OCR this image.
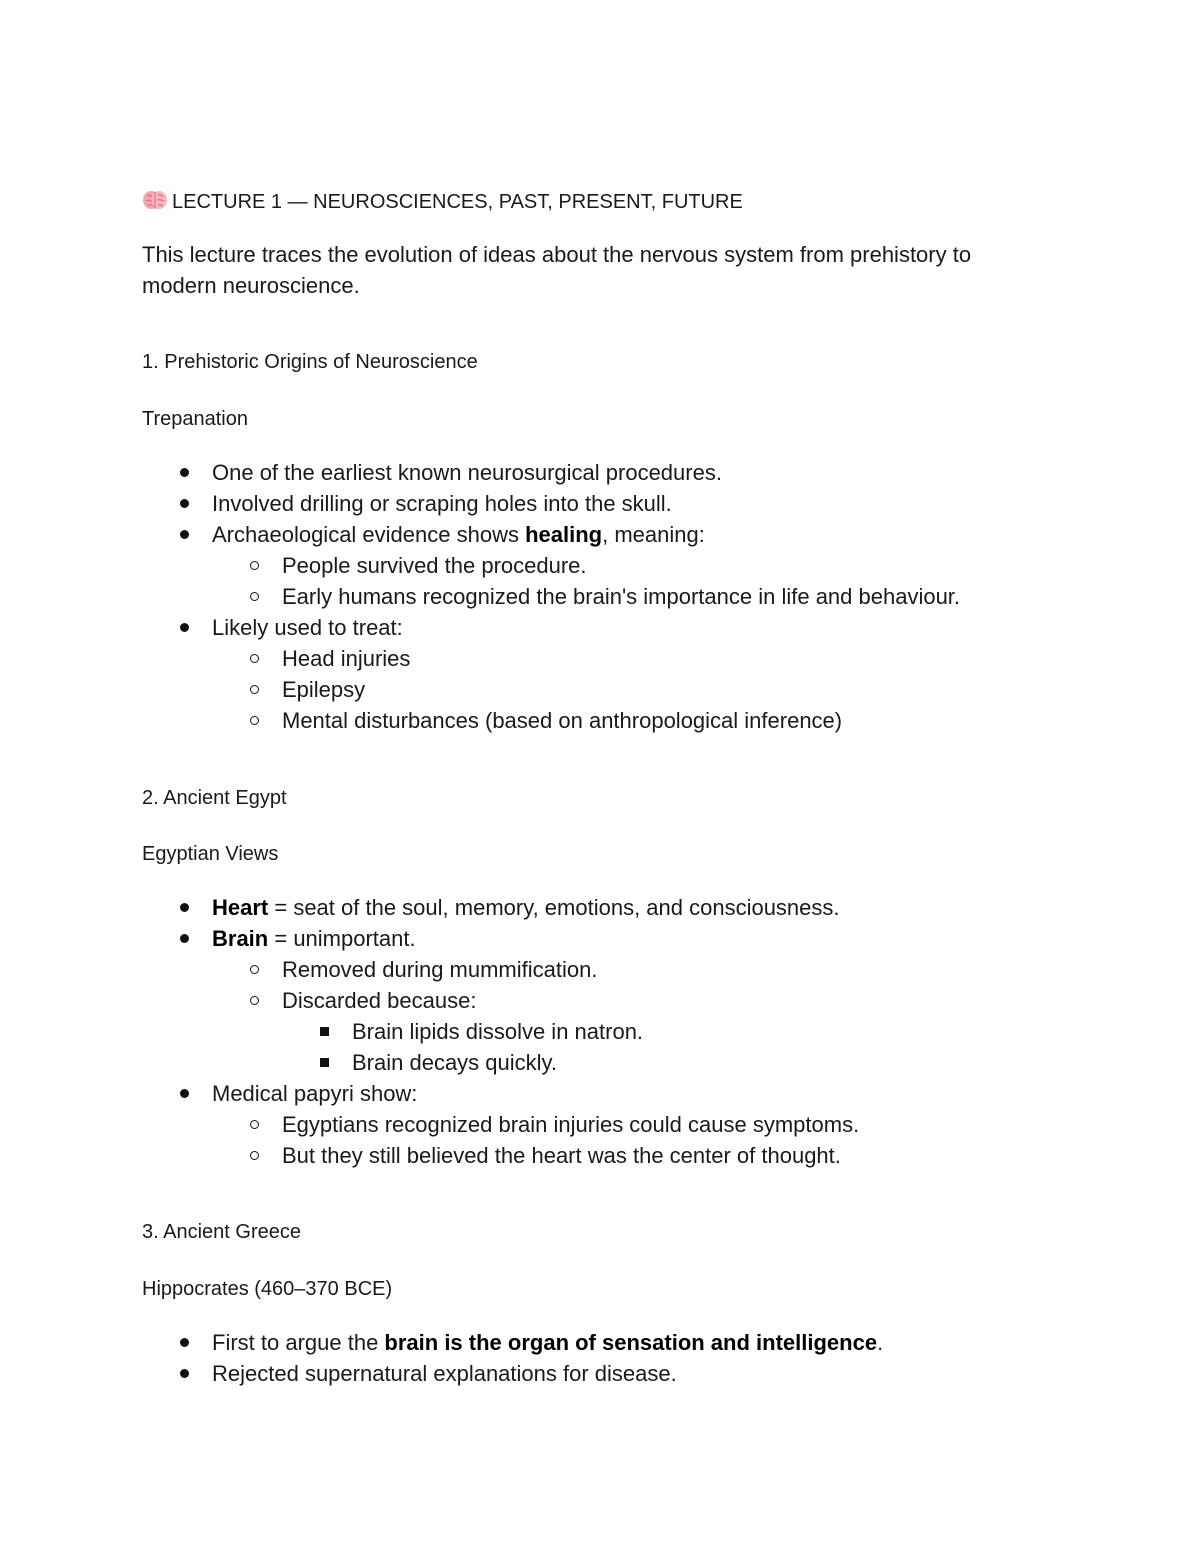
LECTURE 1 — NEUROSCIENCES, PAST, PRESENT, FUTURE
This lecture traces the evolution of ideas about the nervous system from prehistory to
modern neuroscience.
1. Prehistoric Origins of Neuroscience
Trepanation
One of the earliest known neurosurgical procedures.
Involved drilling or scraping holes into the skull.
Archaeological evidence shows healing, meaning:
People survived the procedure.
Early humans recognized the brain's importance in life and behaviour.
Likely used to treat:
Head injuries
Epilepsy
Mental disturbances (based on anthropological inference)
2. Ancient Egypt
Egyptian Views
Heart = seat of the soul, memory, emotions, and consciousness.
Brain = unimportant.
Removed during mummification.
Discarded because:
Brain lipids dissolve in natron.
Brain decays quickly.
Medical papyri show:
Egyptians recognized brain injuries could cause symptoms.
But they still believed the heart was the center of thought.
3. Ancient Greece
Hippocrates (460–370 BCE)
First to argue the brain is the organ of sensation and intelligence.
Rejected supernatural explanations for disease.
